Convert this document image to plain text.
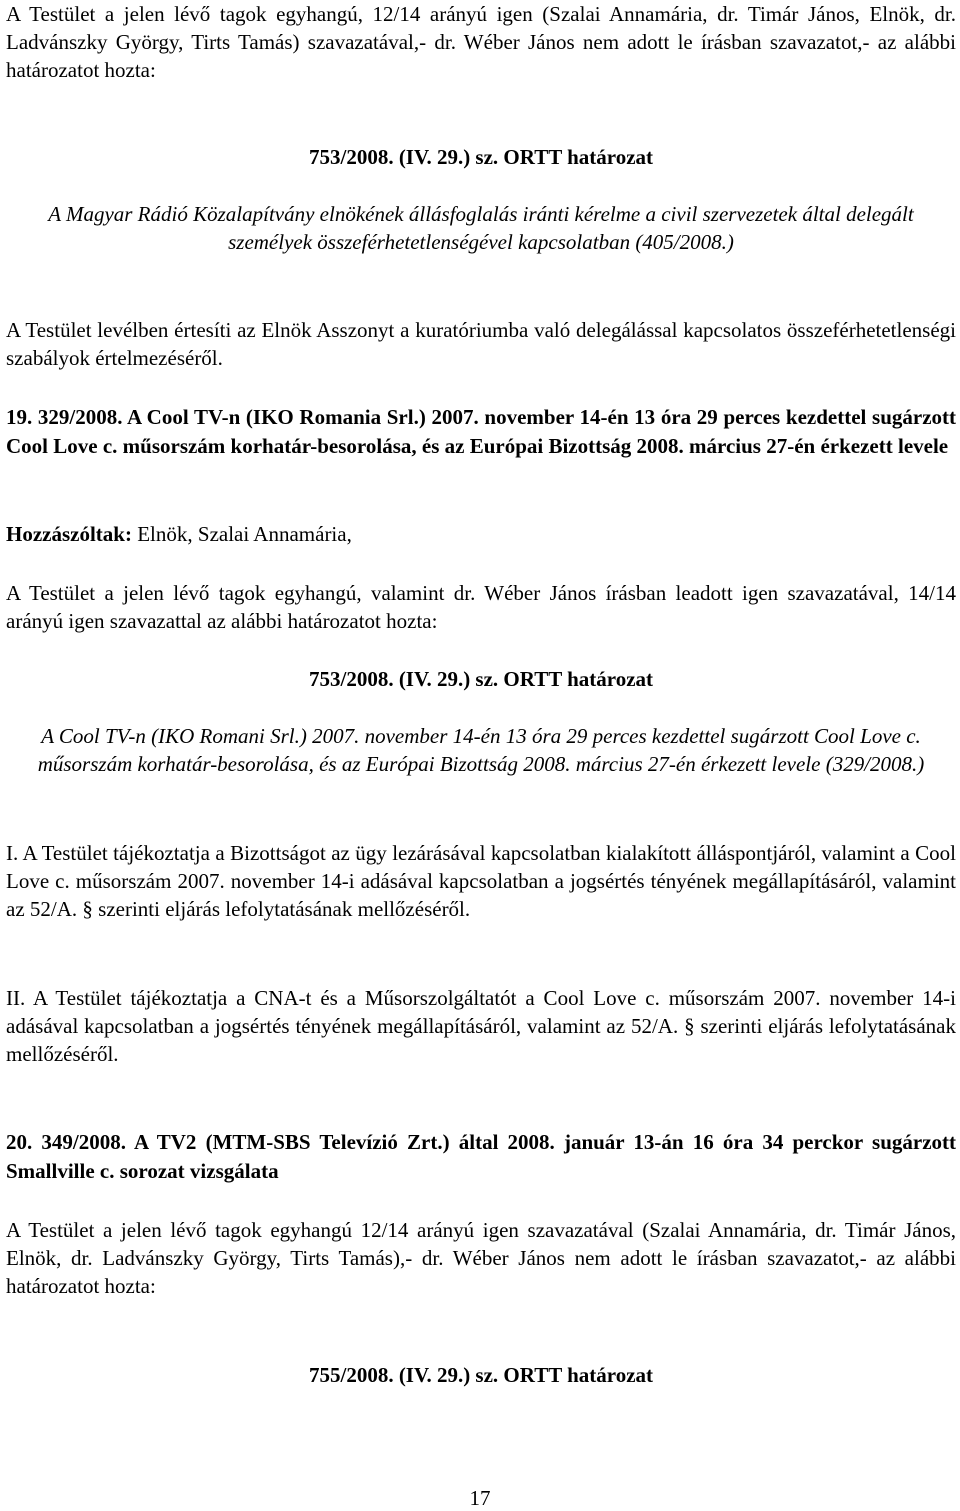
A Testület a jelen lévő tagok egyhangú, 12/14 arányú igen (Szalai Annamária, dr. Timár János, Elnök, dr. Ladvánszky György, Tirts Tamás) szavazatával,- dr. Wéber János nem adott le írásban szavazatot,- az alábbi határozatot hozta:

753/2008. (IV. 29.) sz. ORTT határozat

A Magyar Rádió Közalapítvány elnökének állásfoglalás iránti kérelme a civil szervezetek által delegált személyek összeférhetetlenségével kapcsolatban (405/2008.)

A Testület levélben értesíti az Elnök Asszonyt a kuratóriumba való delegálással kapcsolatos összeférhetetlenségi szabályok értelmezéséről.

19. 329/2008. A Cool TV-n (IKO Romania Srl.) 2007. november 14-én 13 óra 29 perces kezdettel sugárzott Cool Love c. műsorszám korhatár-besorolása, és az Európai Bizottság 2008. március 27-én érkezett levele

Hozzászóltak: Elnök, Szalai Annamária,

A Testület a jelen lévő tagok egyhangú, valamint dr. Wéber János írásban leadott igen szavazatával, 14/14 arányú igen szavazattal az alábbi határozatot hozta:

753/2008. (IV. 29.) sz. ORTT határozat

A Cool TV-n (IKO Romani Srl.) 2007. november 14-én 13 óra 29 perces kezdettel sugárzott Cool Love c. műsorszám korhatár-besorolása, és az Európai Bizottság 2008. március 27-én érkezett levele (329/2008.)

I. A Testület tájékoztatja a Bizottságot az ügy lezárásával kapcsolatban kialakított álláspontjáról, valamint a Cool Love c. műsorszám 2007. november 14-i adásával kapcsolatban a jogsértés tényének megállapításáról, valamint az 52/A. § szerinti eljárás lefolytatásának mellőzéséről.

II. A Testület tájékoztatja a CNA-t és a Műsorszolgáltatót a Cool Love c. műsorszám 2007. november 14-i adásával kapcsolatban a jogsértés tényének megállapításáról, valamint az 52/A. § szerinti eljárás lefolytatásának mellőzéséről.

20. 349/2008. A TV2 (MTM-SBS Televízió Zrt.) által 2008. január 13-án 16 óra 34 perckor sugárzott Smallville c. sorozat vizsgálata

A Testület a jelen lévő tagok egyhangú 12/14 arányú igen szavazatával (Szalai Annamária, dr. Timár János, Elnök, dr. Ladvánszky György, Tirts Tamás),- dr. Wéber János nem adott le írásban szavazatot,- az alábbi határozatot hozta:

755/2008. (IV. 29.) sz. ORTT határozat

17
